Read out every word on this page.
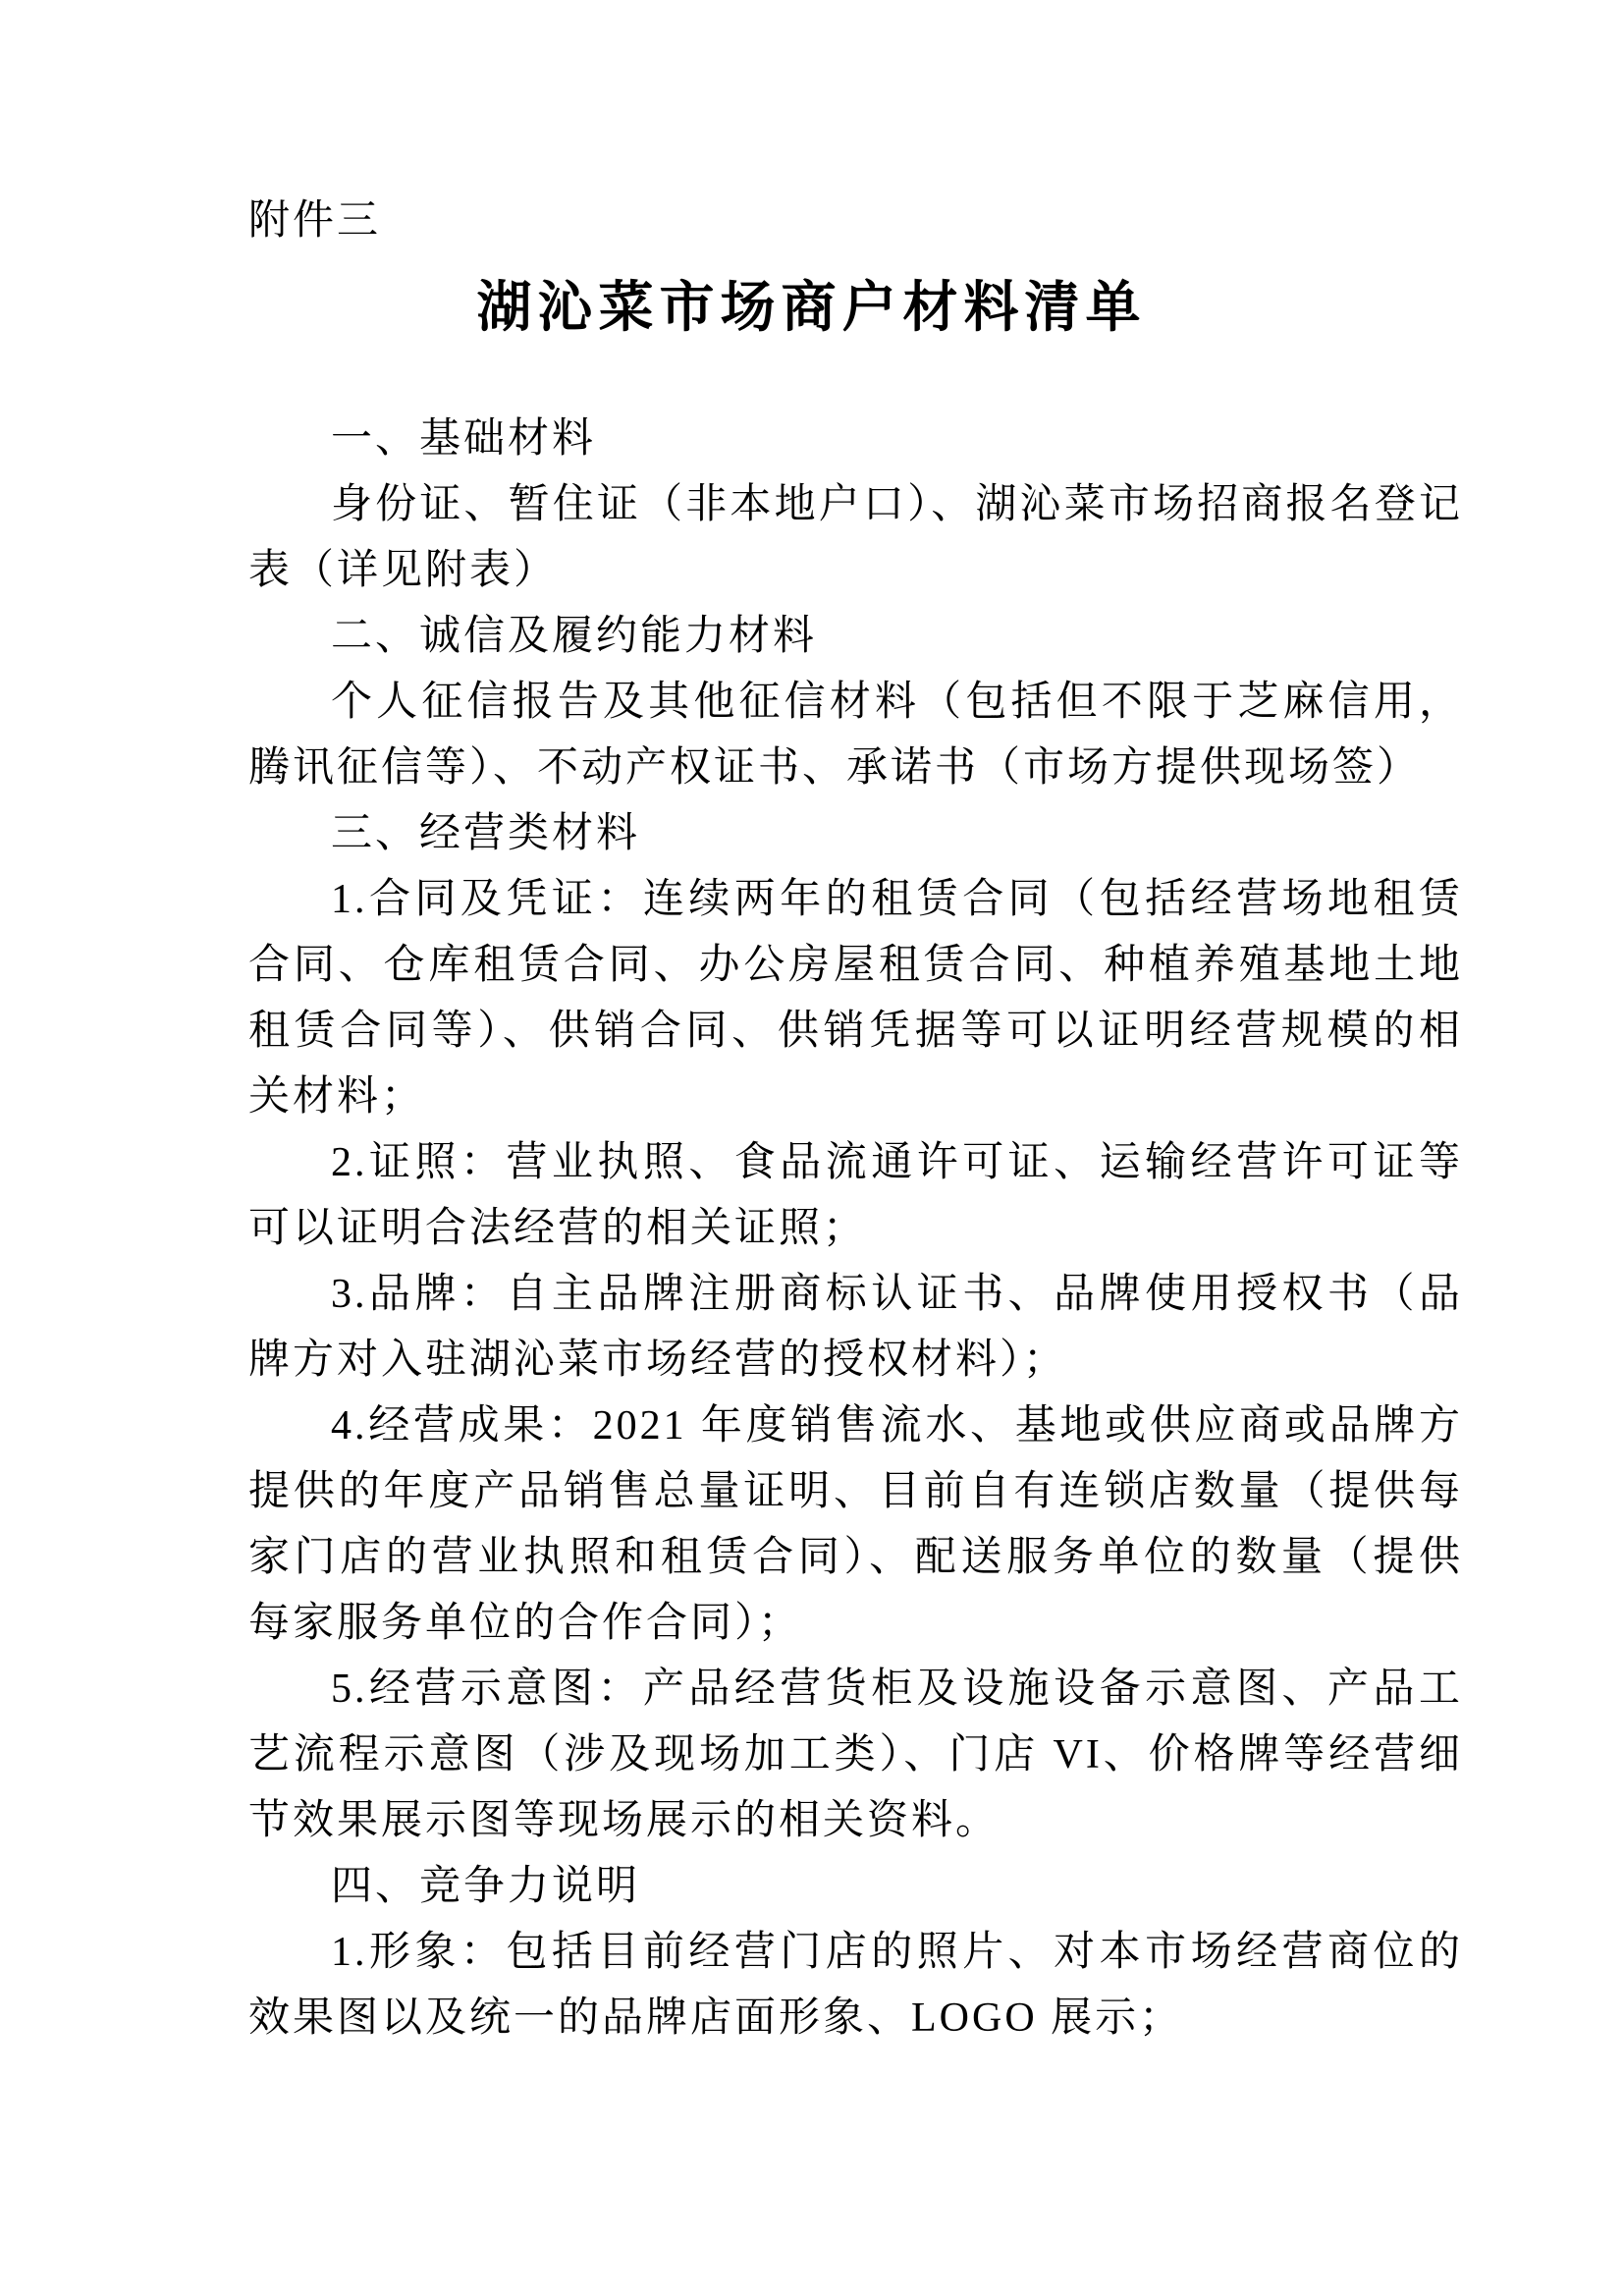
附件三

湖沁菜市场商户材料清单

一、基础材料

身份证、暂住证（非本地户口）、湖沁菜市场招商报名登记表（详见附表）

二、诚信及履约能力材料

个人征信报告及其他征信材料（包括但不限于芝麻信用，腾讯征信等）、不动产权证书、承诺书（市场方提供现场签）

三、经营类材料

1.合同及凭证：连续两年的租赁合同（包括经营场地租赁合同、仓库租赁合同、办公房屋租赁合同、种植养殖基地土地租赁合同等）、供销合同、供销凭据等可以证明经营规模的相关材料；

2.证照：营业执照、食品流通许可证、运输经营许可证等可以证明合法经营的相关证照；

3.品牌：自主品牌注册商标认证书、品牌使用授权书（品牌方对入驻湖沁菜市场经营的授权材料）；

4.经营成果：2021 年度销售流水、基地或供应商或品牌方提供的年度产品销售总量证明、目前自有连锁店数量（提供每家门店的营业执照和租赁合同）、配送服务单位的数量（提供每家服务单位的合作合同）；

5.经营示意图：产品经营货柜及设施设备示意图、产品工艺流程示意图（涉及现场加工类）、门店 VI、价格牌等经营细节效果展示图等现场展示的相关资料。

四、竞争力说明

1.形象：包括目前经营门店的照片、对本市场经营商位的效果图以及统一的品牌店面形象、LOGO 展示；
